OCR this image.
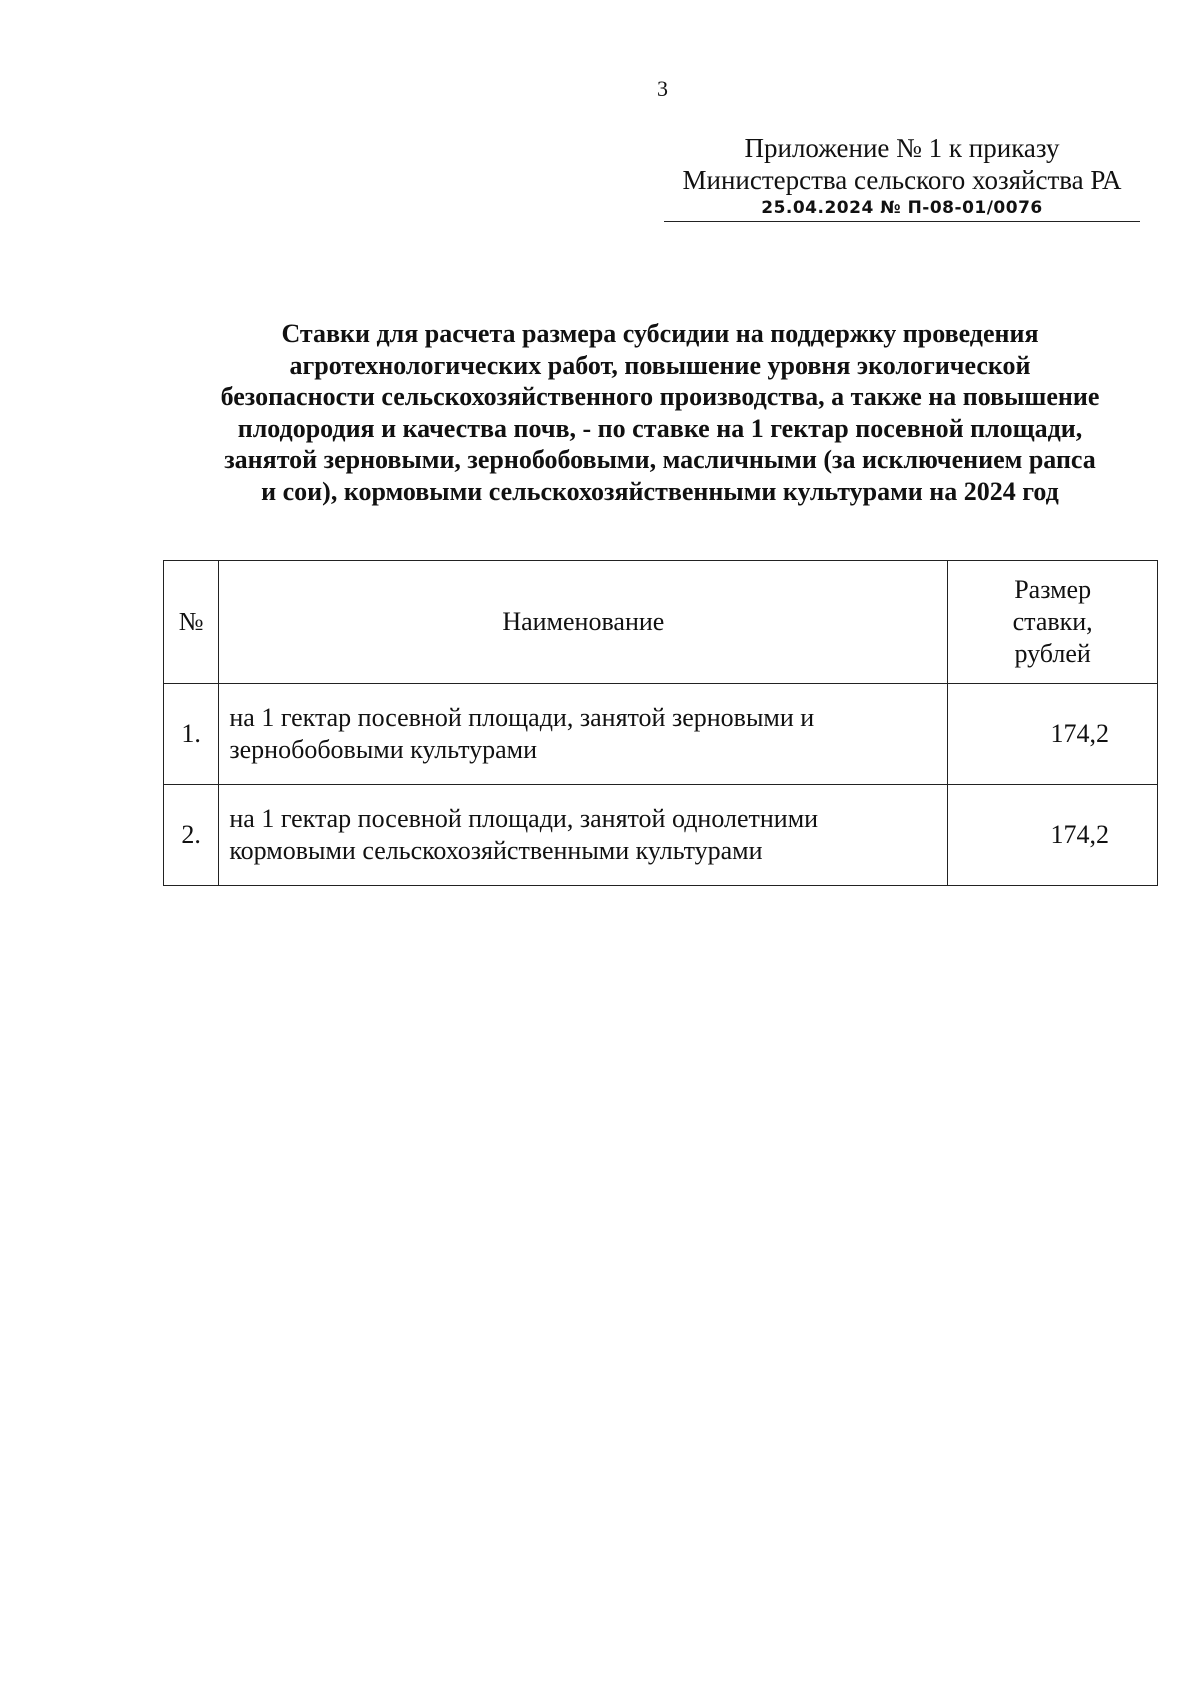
3
Приложение № 1 к приказу
Министерства сельского хозяйства РА
25.04.2024 № П-08-01/0076
Ставки для расчета размера субсидии на поддержку проведения
агротехнологических работ, повышение уровня экологической
безопасности сельскохозяйственного производства, а также на повышение
плодородия и качества почв, - по ставке на 1 гектар посевной площади,
занятой зерновыми, зернобобовыми, масличными (за исключением рапса
и сои), кормовыми сельскохозяйственными культурами на 2024 год
№	Наименование	Размер
ставки,
рублей

1.	на 1 гектар посевной площади, занятой зерновыми и
зернобобовыми культурами	174,2
2.	на 1 гектар посевной площади, занятой однолетними
кормовыми сельскохозяйственными культурами	174,2
